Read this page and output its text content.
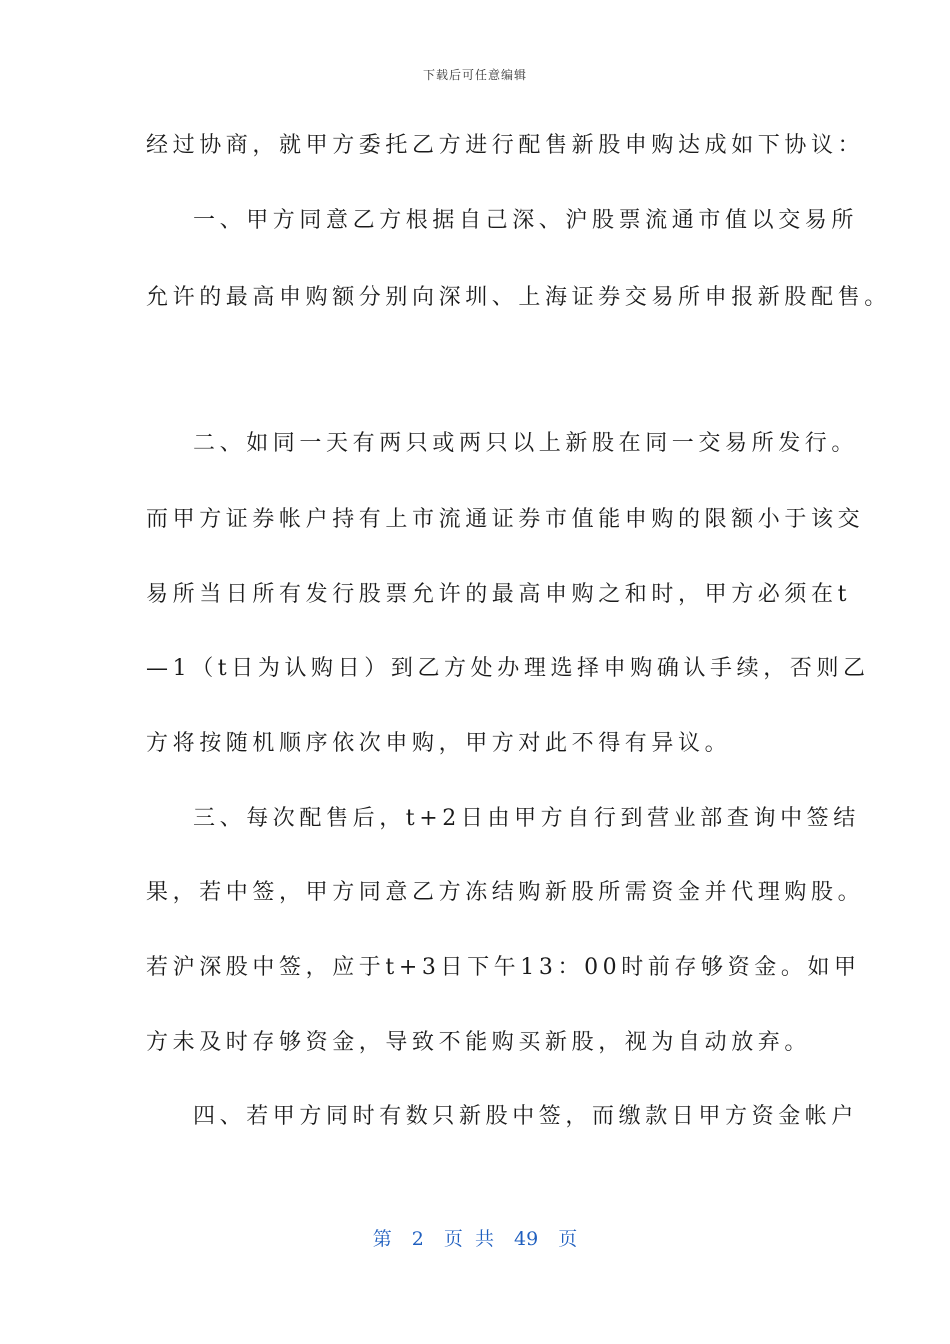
下载后可任意编辑
经过协商，就甲方委托乙方进行配售新股申购达成如下协议：
一、甲方同意乙方根据自己深、沪股票流通市值以交易所
允许的最高申购额分别向深圳、上海证券交易所申报新股配售。
二、如同一天有两只或两只以上新股在同一交易所发行。
而甲方证券帐户持有上市流通证券市值能申购的限额小于该交
易所当日所有发行股票允许的最高申购之和时，甲方必须在t
—1（t日为认购日）到乙方处办理选择申购确认手续，否则乙
方将按随机顺序依次申购，甲方对此不得有异议。
三、每次配售后，t+2日由甲方自行到营业部查询中签结
果，若中签，甲方同意乙方冻结购新股所需资金并代理购股。
若沪深股中签，应于t+3日下午13：00时前存够资金。如甲
方未及时存够资金，导致不能购买新股，视为自动放弃。
四、若甲方同时有数只新股中签，而缴款日甲方资金帐户
第 2 页 共 49 页
